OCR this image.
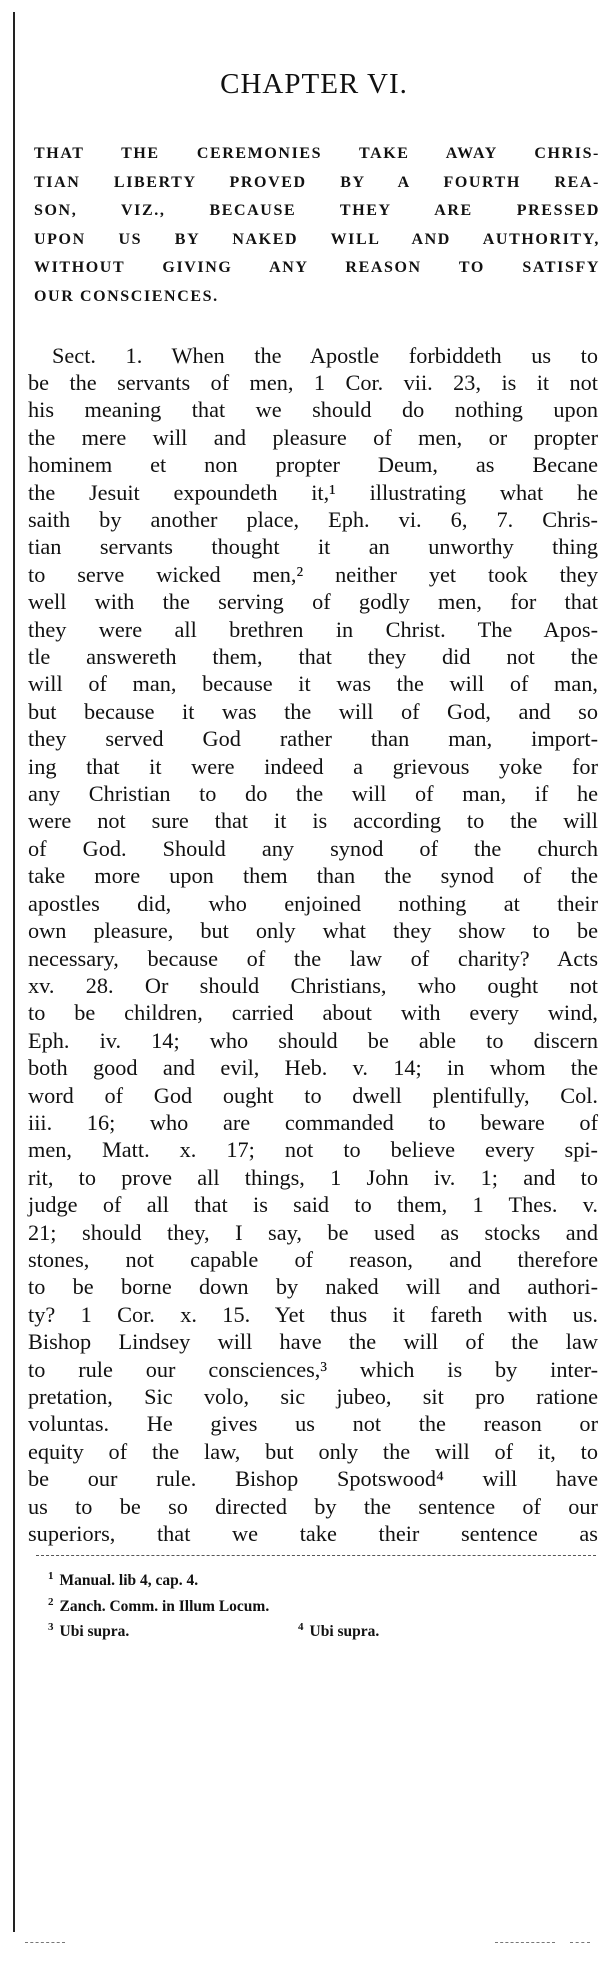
CHAPTER VI.
THAT THE CEREMONIES TAKE AWAY CHRIS-
TIAN LIBERTY PROVED BY A FOURTH REA-
SON, VIZ., BECAUSE THEY ARE PRESSED
UPON US BY NAKED WILL AND AUTHORITY,
WITHOUT GIVING ANY REASON TO SATISFY
OUR CONSCIENCES.
Sect. 1. When the Apostle forbiddeth us to
be the servants of men, 1 Cor. vii. 23, is it not
his meaning that we should do nothing upon
the mere will and pleasure of men, or propter
hominem et non propter Deum, as Becane
the Jesuit expoundeth it,¹ illustrating what he
saith by another place, Eph. vi. 6, 7. Chris-
tian servants thought it an unworthy thing
to serve wicked men,² neither yet took they
well with the serving of godly men, for that
they were all brethren in Christ. The Apos-
tle answereth them, that they did not the
will of man, because it was the will of man,
but because it was the will of God, and so
they served God rather than man, import-
ing that it were indeed a grievous yoke for
any Christian to do the will of man, if he
were not sure that it is according to the will
of God. Should any synod of the church
take more upon them than the synod of the
apostles did, who enjoined nothing at their
own pleasure, but only what they show to be
necessary, because of the law of charity? Acts
xv. 28. Or should Christians, who ought not
to be children, carried about with every wind,
Eph. iv. 14; who should be able to discern
both good and evil, Heb. v. 14; in whom the
word of God ought to dwell plentifully, Col.
iii. 16; who are commanded to beware of
men, Matt. x. 17; not to believe every spi-
rit, to prove all things, 1 John iv. 1; and to
judge of all that is said to them, 1 Thes. v.
21; should they, I say, be used as stocks and
stones, not capable of reason, and therefore
to be borne down by naked will and authori-
ty? 1 Cor. x. 15. Yet thus it fareth with us.
Bishop Lindsey will have the will of the law
to rule our consciences,³ which is by inter-
pretation, Sic volo, sic jubeo, sit pro ratione
voluntas. He gives us not the reason or
equity of the law, but only the will of it, to
be our rule. Bishop Spotswood⁴ will have
us to be so directed by the sentence of our
superiors, that we take their sentence as
$^1$ Manual. lib 4, cap. 4.
$^2$ Zanch. Comm. in Illum Locum.
$^3$ Ubi supra.	$^4$ Ubi supra.
